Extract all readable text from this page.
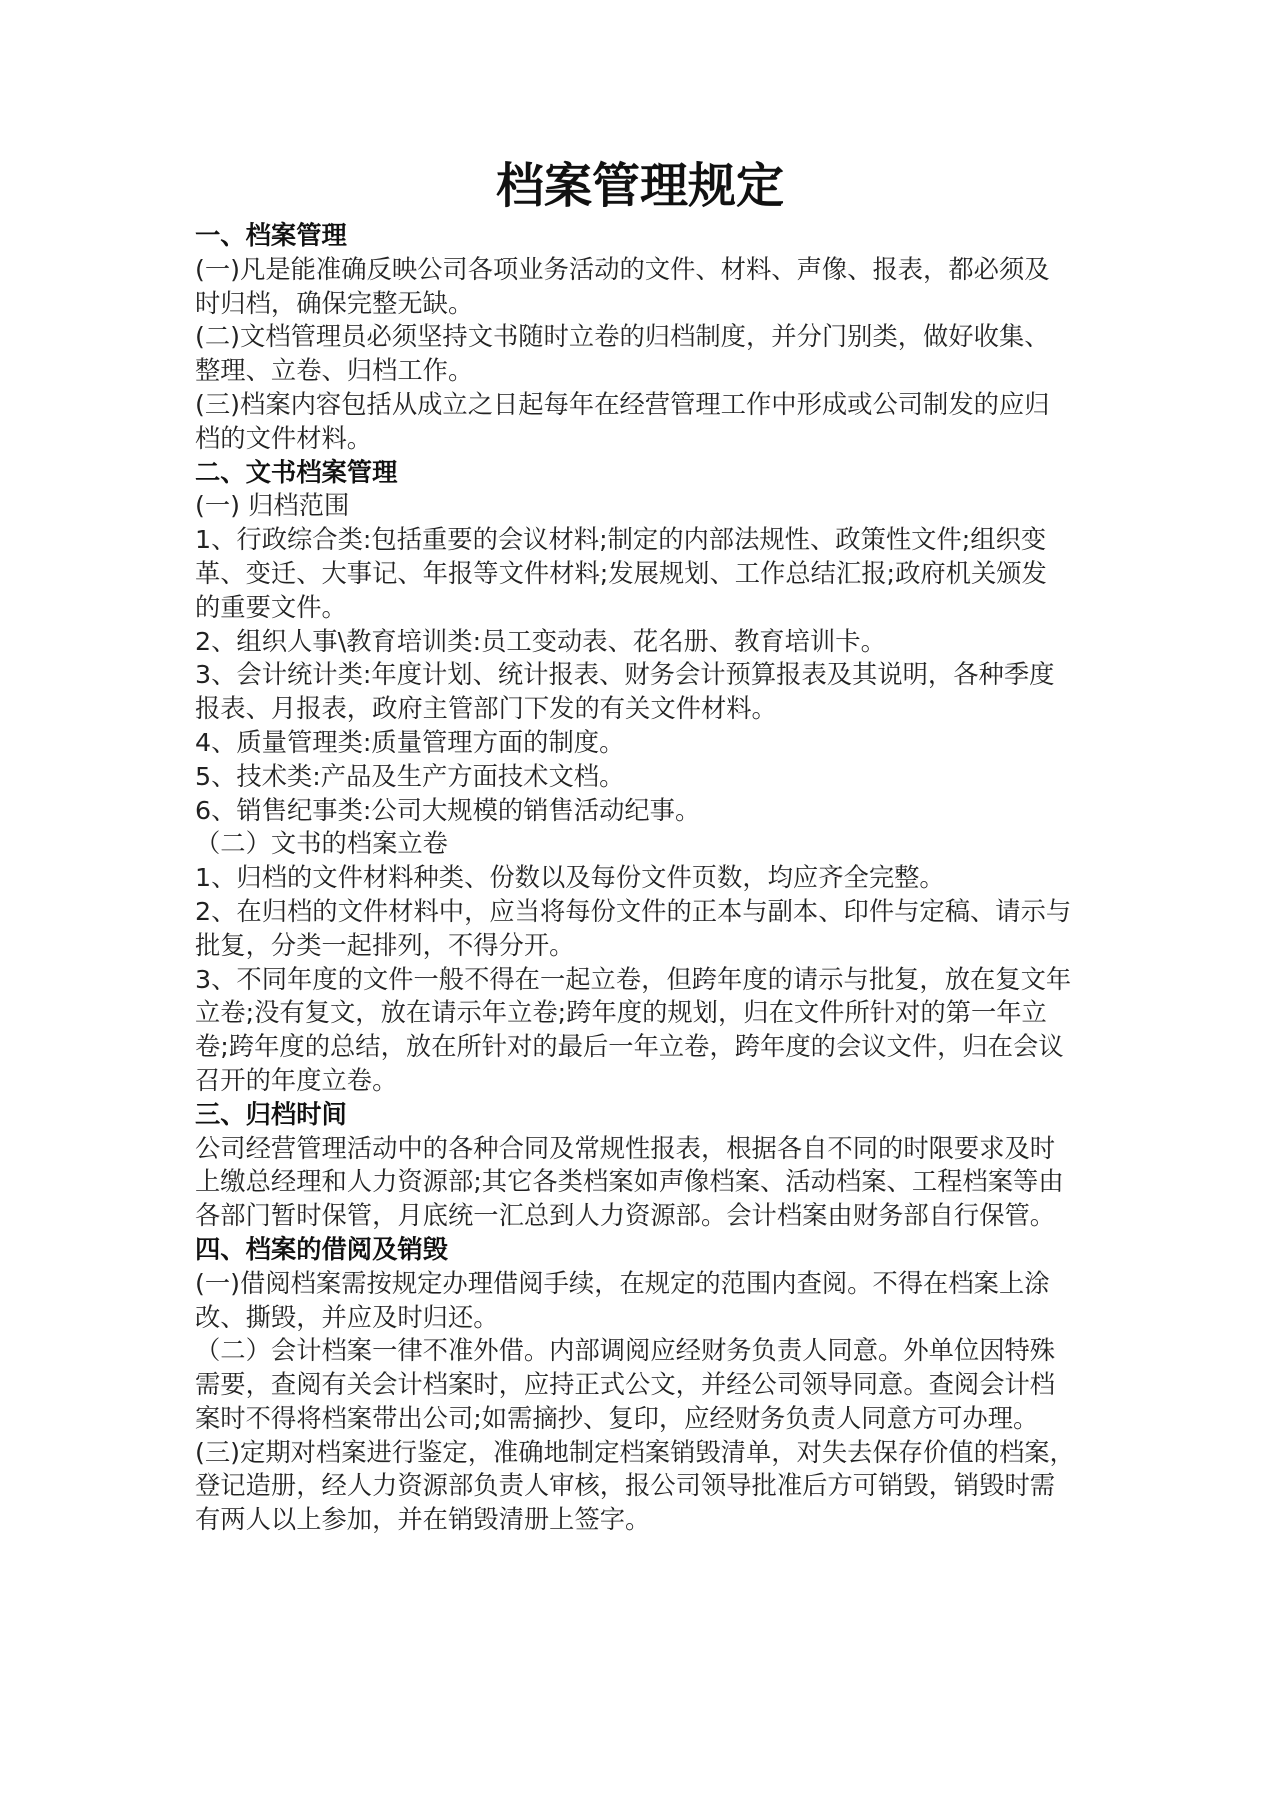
档案管理规定
一、档案管理
(一)凡是能准确反映公司各项业务活动的文件、材料、声像、报表，都必须及
时归档，确保完整无缺。
(二)文档管理员必须坚持文书随时立卷的归档制度，并分门别类，做好收集、
整理、立卷、归档工作。
(三)档案内容包括从成立之日起每年在经营管理工作中形成或公司制发的应归
档的文件材料。
二、文书档案管理
(一) 归档范围
1、行政综合类:包括重要的会议材料;制定的内部法规性、政策性文件;组织变
革、变迁、大事记、年报等文件材料;发展规划、工作总结汇报;政府机关颁发
的重要文件。
2、组织人事\教育培训类:员工变动表、花名册、教育培训卡。
3、会计统计类:年度计划、统计报表、财务会计预算报表及其说明，各种季度
报表、月报表，政府主管部门下发的有关文件材料。
4、质量管理类:质量管理方面的制度。
5、技术类:产品及生产方面技术文档。
6、销售纪事类:公司大规模的销售活动纪事。
（二）文书的档案立卷
1、归档的文件材料种类、份数以及每份文件页数，均应齐全完整。
2、在归档的文件材料中，应当将每份文件的正本与副本、印件与定稿、请示与
批复，分类一起排列，不得分开。
3、不同年度的文件一般不得在一起立卷，但跨年度的请示与批复，放在复文年
立卷;没有复文，放在请示年立卷;跨年度的规划，归在文件所针对的第一年立
卷;跨年度的总结，放在所针对的最后一年立卷，跨年度的会议文件，归在会议
召开的年度立卷。
三、归档时间
公司经营管理活动中的各种合同及常规性报表，根据各自不同的时限要求及时
上缴总经理和人力资源部;其它各类档案如声像档案、活动档案、工程档案等由
各部门暂时保管，月底统一汇总到人力资源部。会计档案由财务部自行保管。
四、档案的借阅及销毁
(一)借阅档案需按规定办理借阅手续，在规定的范围内查阅。不得在档案上涂
改、撕毁，并应及时归还。
（二）会计档案一律不准外借。内部调阅应经财务负责人同意。外单位因特殊
需要，查阅有关会计档案时，应持正式公文，并经公司领导同意。查阅会计档
案时不得将档案带出公司;如需摘抄、复印，应经财务负责人同意方可办理。
(三)定期对档案进行鉴定，准确地制定档案销毁清单，对失去保存价值的档案，
登记造册，经人力资源部负责人审核，报公司领导批准后方可销毁，销毁时需
有两人以上参加，并在销毁清册上签字。
